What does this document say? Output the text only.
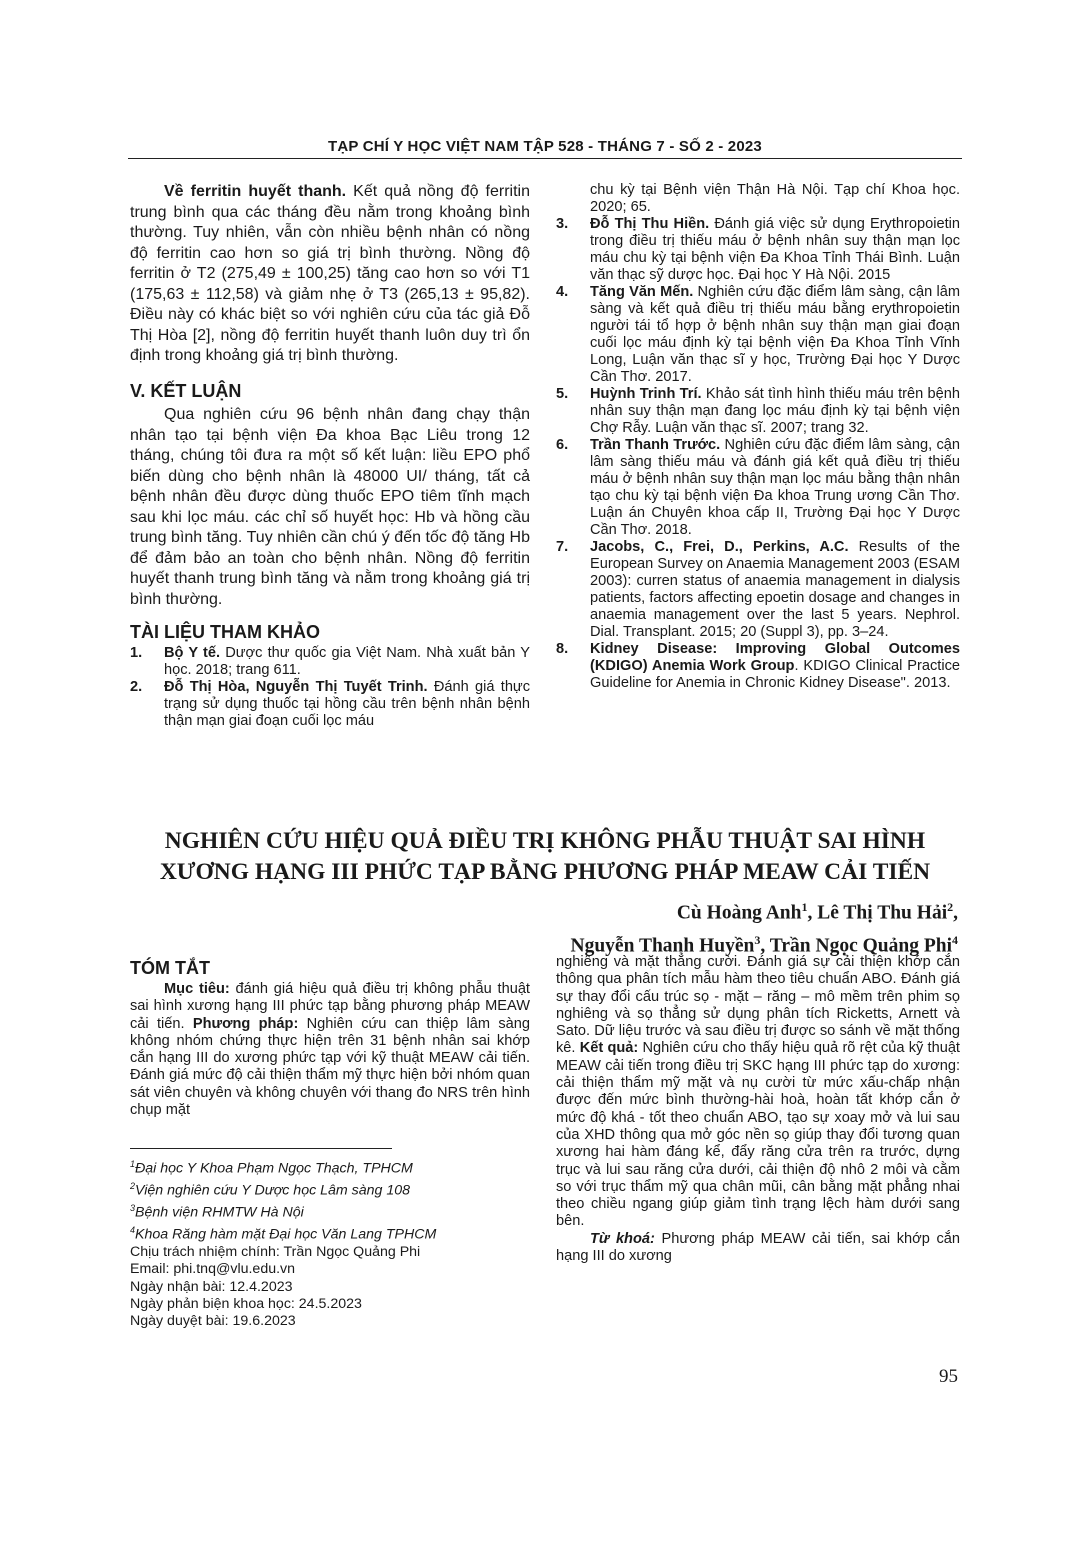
TẠP CHÍ Y HỌC VIỆT NAM TẬP 528 - THÁNG 7 - SỐ 2 - 2023

Về ferritin huyết thanh. Kết quả nồng độ ferritin trung bình qua các tháng đều nằm trong khoảng bình thường. Tuy nhiên, vẫn còn nhiều bệnh nhân có nồng độ ferritin cao hơn so giá trị bình thường. Nồng độ ferritin ở T2 (275,49 ± 100,25) tăng cao hơn so với T1 (175,63 ± 112,58) và giảm nhẹ ở T3 (265,13 ± 95,82). Điều này có khác biệt so với nghiên cứu của tác giả Đỗ Thị Hòa [2], nồng độ ferritin huyết thanh luôn duy trì ổn định trong khoảng giá trị bình thường.

V. KẾT LUẬN

Qua nghiên cứu 96 bệnh nhân đang chạy thận nhân tạo tại bệnh viện Đa khoa Bạc Liêu trong 12 tháng, chúng tôi đưa ra một số kết luận: liều EPO phổ biến dùng cho bệnh nhân là 48000 UI/ tháng, tất cả bệnh nhân đều được dùng thuốc EPO tiêm tĩnh mạch sau khi lọc máu. các chỉ số huyết học: Hb và hồng cầu trung bình tăng. Tuy nhiên cần chú ý đến tốc độ tăng Hb để đảm bảo an toàn cho bệnh nhân. Nồng độ ferritin huyết thanh trung bình tăng và nằm trong khoảng giá trị bình thường.

TÀI LIỆU THAM KHẢO
1.	Bộ Y tế. Dược thư quốc gia Việt Nam. Nhà xuất bản Y học. 2018; trang 611.
2.	Đỗ Thị Hòa, Nguyễn Thị Tuyết Trinh. Đánh giá thực trạng sử dụng thuốc tại hồng cầu trên bệnh nhân bệnh thận mạn giai đoạn cuối lọc máu
chu kỳ tại Bệnh viện Thận Hà Nội. Tạp chí Khoa học. 2020; 65.
3.	Đỗ Thị Thu Hiền. Đánh giá việc sử dụng Erythropoietin trong điều trị thiếu máu ở bệnh nhân suy thận mạn lọc máu chu kỳ tại bệnh viện Đa Khoa Tỉnh Thái Bình. Luận văn thạc sỹ dược học. Đại học Y Hà Nội. 2015
4.	Tăng Văn Mến. Nghiên cứu đặc điểm lâm sàng, cận lâm sàng và kết quả điều trị thiếu máu bằng erythropoietin người tái tổ hợp ở bệnh nhân suy thận mạn giai đoạn cuối lọc máu định kỳ tại bệnh viện Đa Khoa Tỉnh Vĩnh Long, Luận văn thạc sĩ y học, Trường Đại học Y Dược Cần Thơ. 2017.
5.	Huỳnh Trinh Trí. Khảo sát tình hình thiếu máu trên bệnh nhân suy thận mạn đang lọc máu định kỳ tại bệnh viện Chợ Rẫy. Luận văn thạc sĩ. 2007; trang 32.
6.	Trần Thanh Trước. Nghiên cứu đặc điểm lâm sàng, cận lâm sàng thiếu máu và đánh giá kết quả điều trị thiếu máu ở bệnh nhân suy thận mạn lọc máu bằng thận nhân tạo chu kỳ tại bệnh viện Đa khoa Trung ương Cần Thơ. Luận án Chuyên khoa cấp II, Trường Đại học Y Dược Cần Thơ. 2018.
7.	Jacobs, C., Frei, D., Perkins, A.C. Results of the European Survey on Anaemia Management 2003 (ESAM 2003): curren status of anaemia management in dialysis patients, factors affecting epoetin dosage and changes in anaemia management over the last 5 years. Nephrol. Dial. Transplant. 2015; 20 (Suppl 3), pp. 3–24.
8.	Kidney Disease: Improving Global Outcomes (KDIGO) Anemia Work Group. KDIGO Clinical Practice Guideline for Anemia in Chronic Kidney Disease". 2013.
NGHIÊN CỨU HIỆU QUẢ ĐIỀU TRỊ KHÔNG PHẪU THUẬT SAI HÌNH
XƯƠNG HẠNG III PHỨC TẠP BẰNG PHƯƠNG PHÁP MEAW CẢI TIẾN
Cù Hoàng Anh$^1$, Lê Thị Thu Hải$^2$,
Nguyễn Thanh Huyền$^3$, Trần Ngọc Quảng Phi$^4$
TÓM TẮT

Mục tiêu: đánh giá hiệu quả điều trị không phẫu thuật sai hình xương hạng III phức tạp bằng phương pháp MEAW cải tiến. Phương pháp: Nghiên cứu can thiệp lâm sàng không nhóm chứng thực hiện trên 31 bệnh nhân sai khớp cắn hạng III do xương phức tạp với kỹ thuật MEAW cải tiến. Đánh giá mức độ cải thiện thẩm mỹ thực hiện bởi nhóm quan sát viên chuyên và không chuyên với thang đo NRS trên hình chụp mặt

nghiêng và mặt thẳng cười. Đánh giá sự cải thiện khớp cắn thông qua phân tích mẫu hàm theo tiêu chuẩn ABO. Đánh giá sự thay đổi cấu trúc sọ - mặt – răng – mô mềm trên phim sọ nghiêng và sọ thẳng sử dụng phân tích Ricketts, Arnett và Sato. Dữ liệu trước và sau điều trị được so sánh về mặt thống kê. Kết quả: Nghiên cứu cho thấy hiệu quả rõ rệt của kỹ thuật MEAW cải tiến trong điều trị SKC hạng III phức tạp do xương: cải thiện thẩm mỹ mặt và nụ cười từ mức xấu-chấp nhận được đến mức bình thường-hài hoà, hoàn tất khớp cắn ở mức độ khá - tốt theo chuẩn ABO, tạo sự xoay mở và lui sau của XHD thông qua mở góc nền sọ giúp thay đổi tương quan xương hai hàm đáng kể, đẩy răng cửa trên ra trước, dựng trục và lui sau răng cửa dưới, cải thiện độ nhô 2 môi và cằm so với trục thẩm mỹ qua chân mũi, cân bằng mặt phẳng nhai theo chiều ngang giúp giảm tình trạng lệch hàm dưới sang bên.

Từ khoá: Phương pháp MEAW cải tiến, sai khớp cắn hạng III do xương

$^1$Đại học Y Khoa Phạm Ngọc Thạch, TPHCM
$^2$Viện nghiên cứu Y Dược học Lâm sàng 108
$^3$Bệnh viện RHMTW Hà Nội
$^4$Khoa Răng hàm mặt Đại học Văn Lang TPHCM
Chịu trách nhiệm chính: Trần Ngọc Quảng Phi
Email: phi.tnq@vlu.edu.vn
Ngày nhận bài: 12.4.2023
Ngày phản biện khoa học: 24.5.2023
Ngày duyệt bài: 19.6.2023
95
